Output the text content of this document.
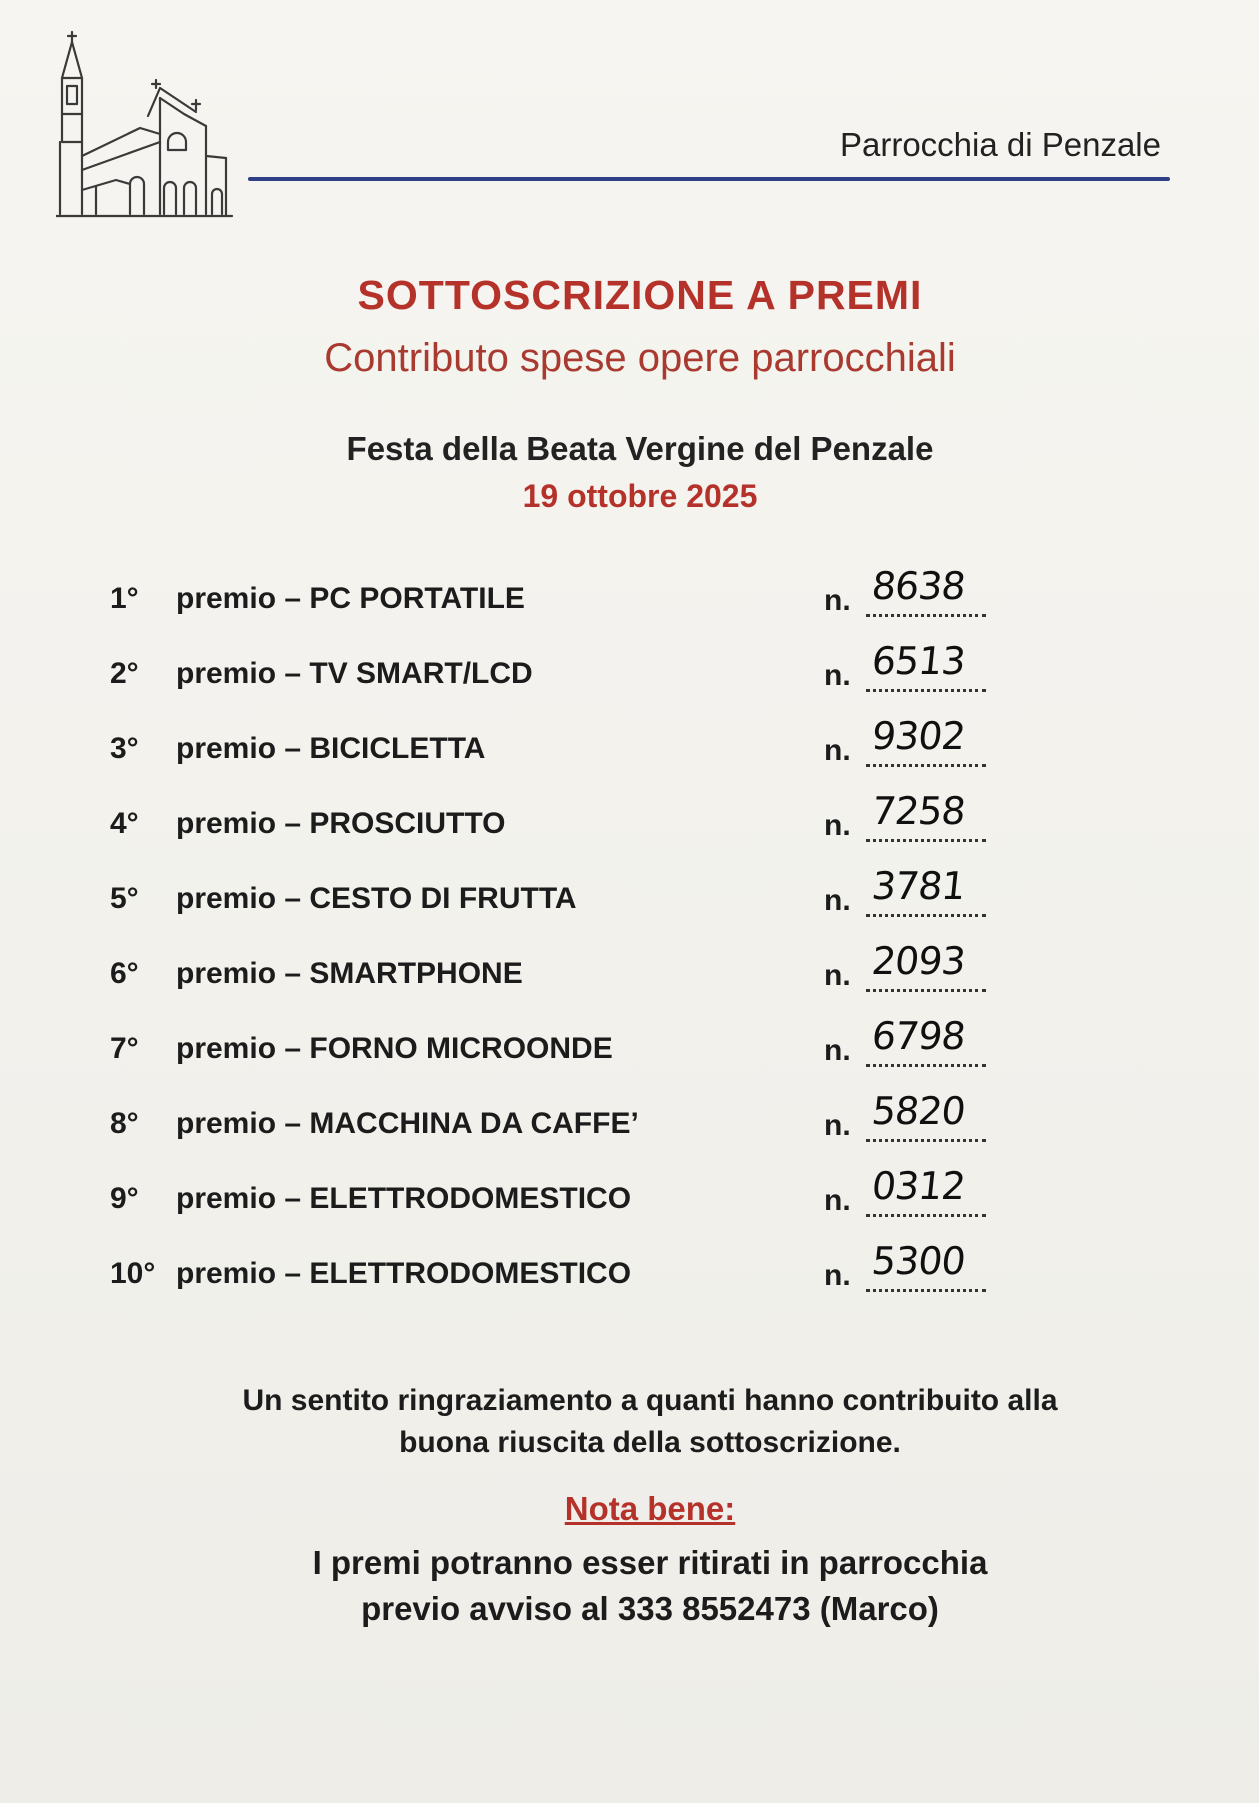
Parrocchia di Penzale
SOTTOSCRIZIONE A PREMI
Contributo spese opere parrocchiali
Festa della Beata Vergine del Penzale
19 ottobre 2025
1°	premio – PC PORTATILE	n. 8638
2°	premio – TV SMART/LCD	n. 6513
3°	premio – BICICLETTA	n. 9302
4°	premio – PROSCIUTTO	n. 7258
5°	premio – CESTO DI FRUTTA	n. 3781
6°	premio – SMARTPHONE	n. 2093
7°	premio – FORNO MICROONDE	n. 6798
8°	premio – MACCHINA DA CAFFE’	n. 5820
9°	premio – ELETTRODOMESTICO	n. 0312
10° premio – ELETTRODOMESTICO	n. 5300
Un sentito ringraziamento a quanti hanno contribuito alla
buona riuscita della sottoscrizione.
Nota bene:
I premi potranno esser ritirati in parrocchia
previo avviso al 333 8552473 (Marco)
